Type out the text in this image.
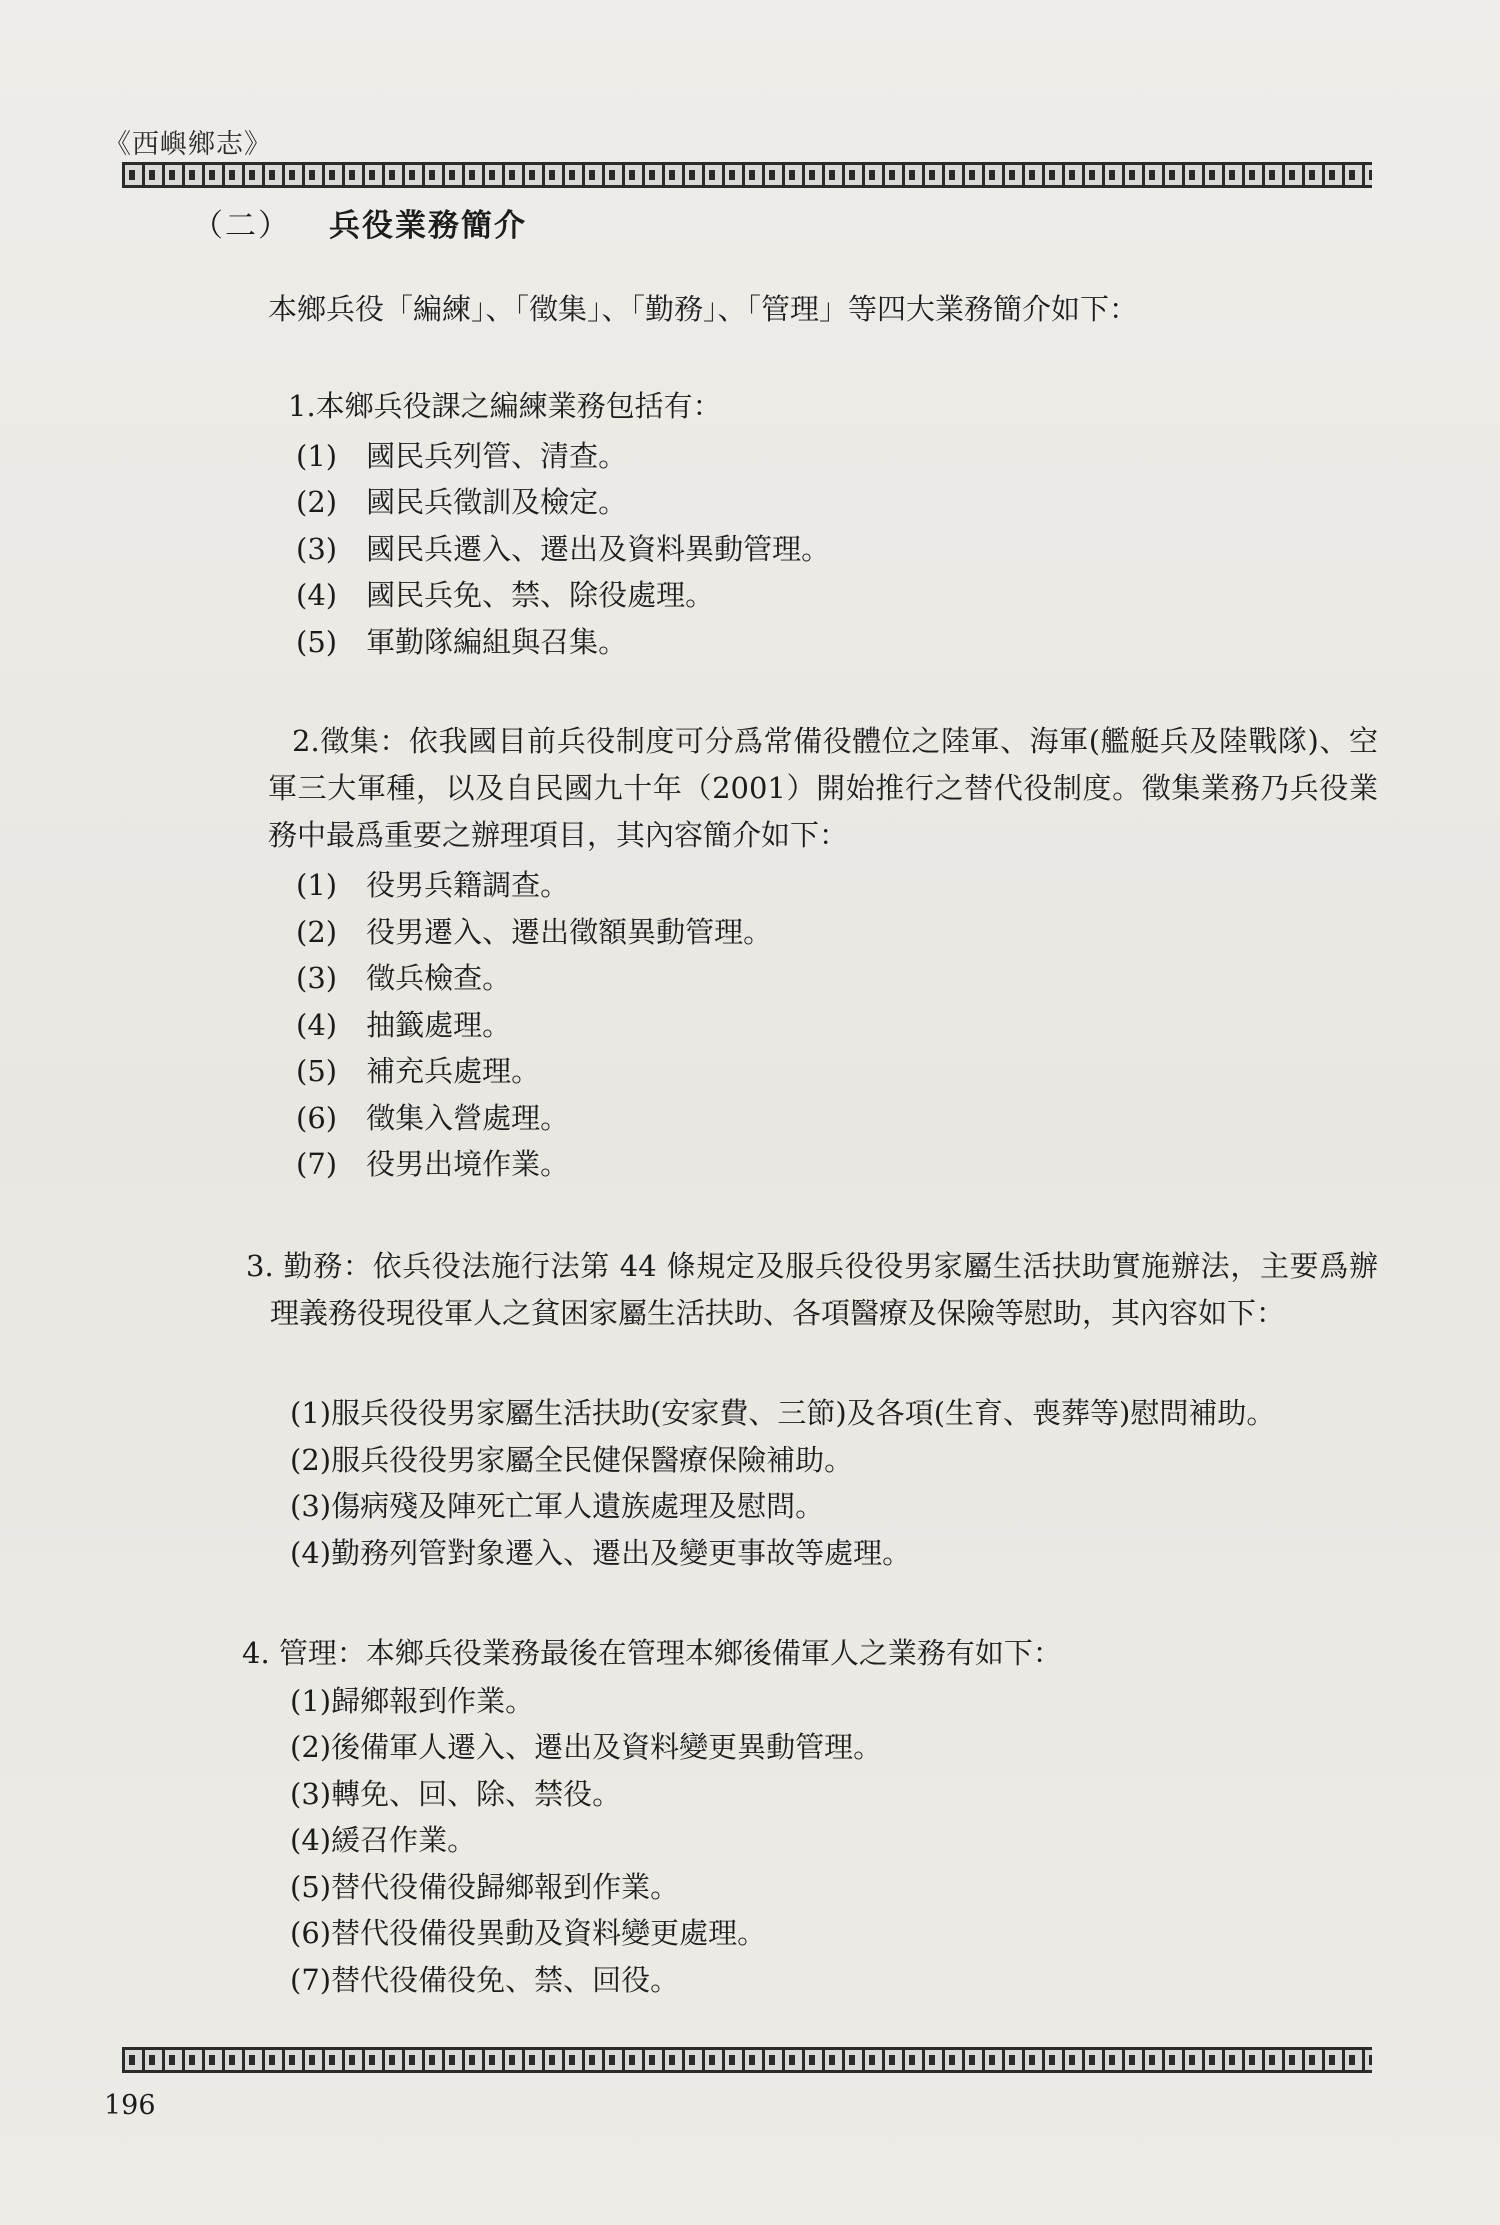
《西嶼鄉志》
（二） 兵役業務簡介
本鄉兵役「編練」、「徵集」、「勤務」、「管理」等四大業務簡介如下：
1.本鄉兵役課之編練業務包括有：
(1)　國民兵列管、清查。
(2)　國民兵徵訓及檢定。
(3)　國民兵遷入、遷出及資料異動管理。
(4)　國民兵免、禁、除役處理。
(5)　軍勤隊編組與召集。
2.徵集：依我國目前兵役制度可分爲常備役體位之陸軍、海軍(艦艇兵及陸戰隊)、空軍三大軍種，以及自民國九十年（2001）開始推行之替代役制度。徵集業務乃兵役業務中最爲重要之辦理項目，其內容簡介如下：
(1)　役男兵籍調查。
(2)　役男遷入、遷出徵額異動管理。
(3)　徵兵檢查。
(4)　抽籤處理。
(5)　補充兵處理。
(6)　徵集入營處理。
(7)　役男出境作業。
3. 勤務：依兵役法施行法第 44 條規定及服兵役役男家屬生活扶助實施辦法，主要爲辦理義務役現役軍人之貧困家屬生活扶助、各項醫療及保險等慰助，其內容如下：
(1)服兵役役男家屬生活扶助(安家費、三節)及各項(生育、喪葬等)慰問補助。
(2)服兵役役男家屬全民健保醫療保險補助。
(3)傷病殘及陣死亡軍人遺族處理及慰問。
(4)勤務列管對象遷入、遷出及變更事故等處理。
4. 管理：本鄉兵役業務最後在管理本鄉後備軍人之業務有如下：
(1)歸鄉報到作業。
(2)後備軍人遷入、遷出及資料變更異動管理。
(3)轉免、回、除、禁役。
(4)緩召作業。
(5)替代役備役歸鄉報到作業。
(6)替代役備役異動及資料變更處理。
(7)替代役備役免、禁、回役。
196
